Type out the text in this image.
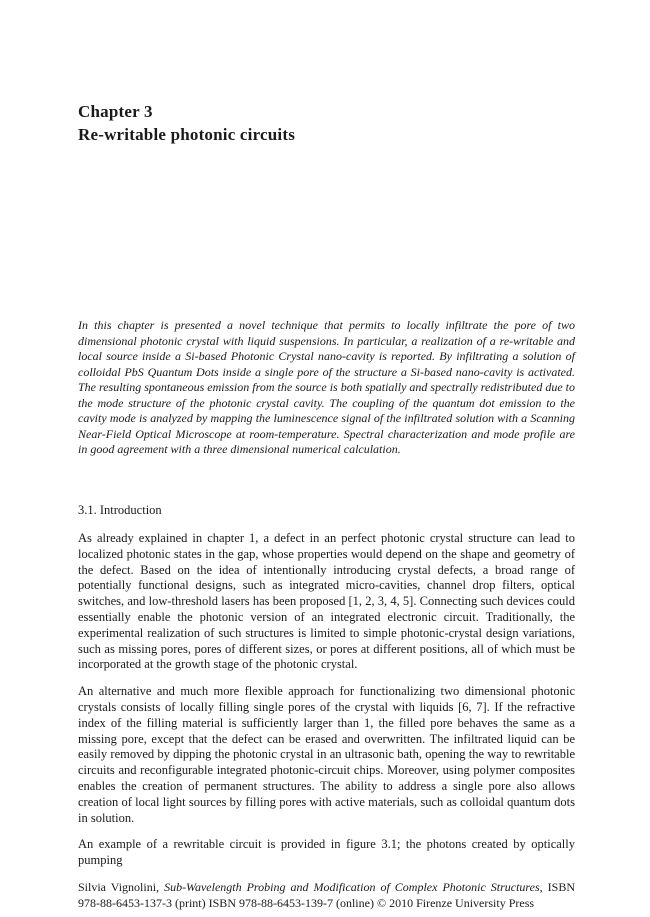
Chapter 3
Re-writable photonic circuits
In this chapter is presented a novel technique that permits to locally infiltrate the pore of two dimensional photonic crystal with liquid suspensions. In particular, a realization of a re-writable and local source inside a Si-based Photonic Crystal nano-cavity is reported. By infiltrating a solution of colloidal PbS Quantum Dots inside a single pore of the structure a Si-based nano-cavity is activated. The resulting spontaneous emission from the source is both spatially and spectrally redistributed due to the mode structure of the photonic crystal cavity. The coupling of the quantum dot emission to the cavity mode is analyzed by mapping the luminescence signal of the infiltrated solution with a Scanning Near-Field Optical Microscope at room-temperature. Spectral characterization and mode profile are in good agreement with a three dimensional numerical calculation.
3.1. Introduction

As already explained in chapter 1, a defect in an perfect photonic crystal structure can lead to localized photonic states in the gap, whose properties would depend on the shape and geometry of the defect. Based on the idea of intentionally introducing crystal defects, a broad range of potentially functional designs, such as integrated micro-cavities, channel drop filters, optical switches, and low-threshold lasers has been proposed [1, 2, 3, 4, 5]. Connecting such devices could essentially enable the photonic version of an integrated electronic circuit. Traditionally, the experimental realization of such structures is limited to simple photonic-crystal design variations, such as missing pores, pores of different sizes, or pores at different positions, all of which must be incorporated at the growth stage of the photonic crystal.

An alternative and much more flexible approach for functionalizing two dimensional photonic crystals consists of locally filling single pores of the crystal with liquids [6, 7]. If the refractive index of the filling material is sufficiently larger than 1, the filled pore behaves the same as a missing pore, except that the defect can be erased and overwritten. The infiltrated liquid can be easily removed by dipping the photonic crystal in an ultrasonic bath, opening the way to rewritable circuits and reconfigurable integrated photonic-circuit chips. Moreover, using polymer composites enables the creation of permanent structures. The ability to address a single pore also allows creation of local light sources by filling pores with active materials, such as colloidal quantum dots in solution.

An example of a rewritable circuit is provided in figure 3.1; the photons created by optically pumping

Silvia Vignolini, Sub-Wavelength Probing and Modification of Complex Photonic Structures, ISBN 978-88-6453-137-3 (print) ISBN 978-88-6453-139-7 (online) © 2010 Firenze University Press
